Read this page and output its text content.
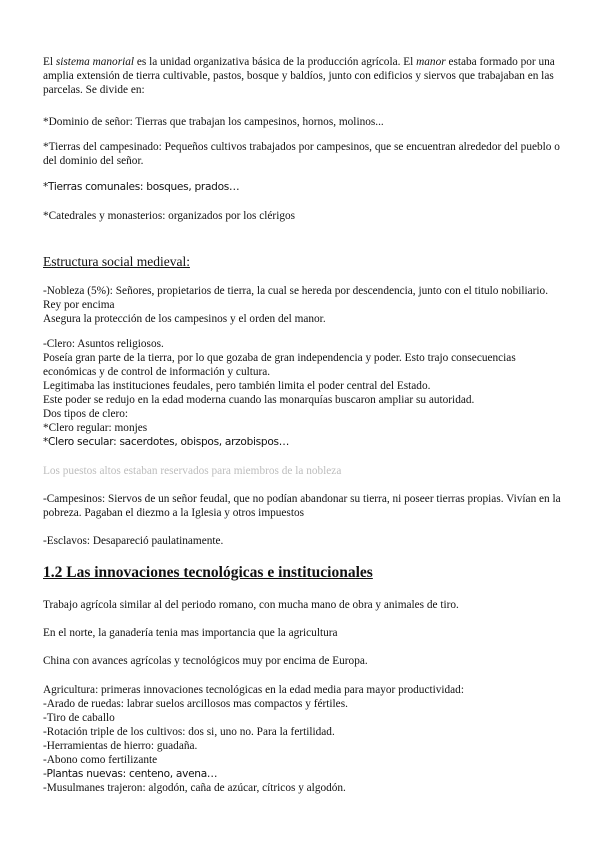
El sistema manorial es la unidad organizativa básica de la producción agrícola. El manor estaba formado por una amplia extensión de tierra cultivable, pastos, bosque y baldíos, junto con edificios y siervos que trabajaban en las parcelas. Se divide en:

*Dominio de señor: Tierras que trabajan los campesinos, hornos, molinos...

*Tierras del campesinado: Pequeños cultivos trabajados por campesinos, que se encuentran alrededor del pueblo o del dominio del señor.

*Tierras comunales: bosques, prados…

*Catedrales y monasterios: organizados por los clérigos

Estructura social medieval:

-Nobleza (5%): Señores, propietarios de tierra, la cual se hereda por descendencia, junto con el titulo nobiliario. Rey por encima

Asegura la protección de los campesinos y el orden del manor.

-Clero: Asuntos religiosos.

Poseía gran parte de la tierra, por lo que gozaba de gran independencia y poder. Esto trajo consecuencias económicas y de control de información y cultura.

Legitimaba las instituciones feudales, pero también limita el poder central del Estado.

Este poder se redujo en la edad moderna cuando las monarquías buscaron ampliar su autoridad.

Dos tipos de clero:

*Clero regular: monjes

*Clero secular: sacerdotes, obispos, arzobispos…

Los puestos altos estaban reservados para miembros de la nobleza

-Campesinos: Siervos de un señor feudal, que no podían abandonar su tierra, ni poseer tierras propias. Vivían en la pobreza. Pagaban el diezmo a la Iglesia y otros impuestos

-Esclavos: Desapareció paulatinamente.

1.2 Las innovaciones tecnológicas e institucionales
Trabajo agrícola similar al del periodo romano, con mucha mano de obra y animales de tiro.
En el norte, la ganadería tenia mas importancia que la agricultura
China con avances agrícolas y tecnológicos muy por encima de Europa.

Agricultura: primeras innovaciones tecnológicas en la edad media para mayor productividad:

-Arado de ruedas: labrar suelos arcillosos mas compactos y fértiles.

-Tiro de caballo

-Rotación triple de los cultivos: dos si, uno no. Para la fertilidad.

-Herramientas de hierro: guadaña.

-Abono como fertilizante

-Plantas nuevas: centeno, avena…

-Musulmanes trajeron: algodón, caña de azúcar, cítricos y algodón.
